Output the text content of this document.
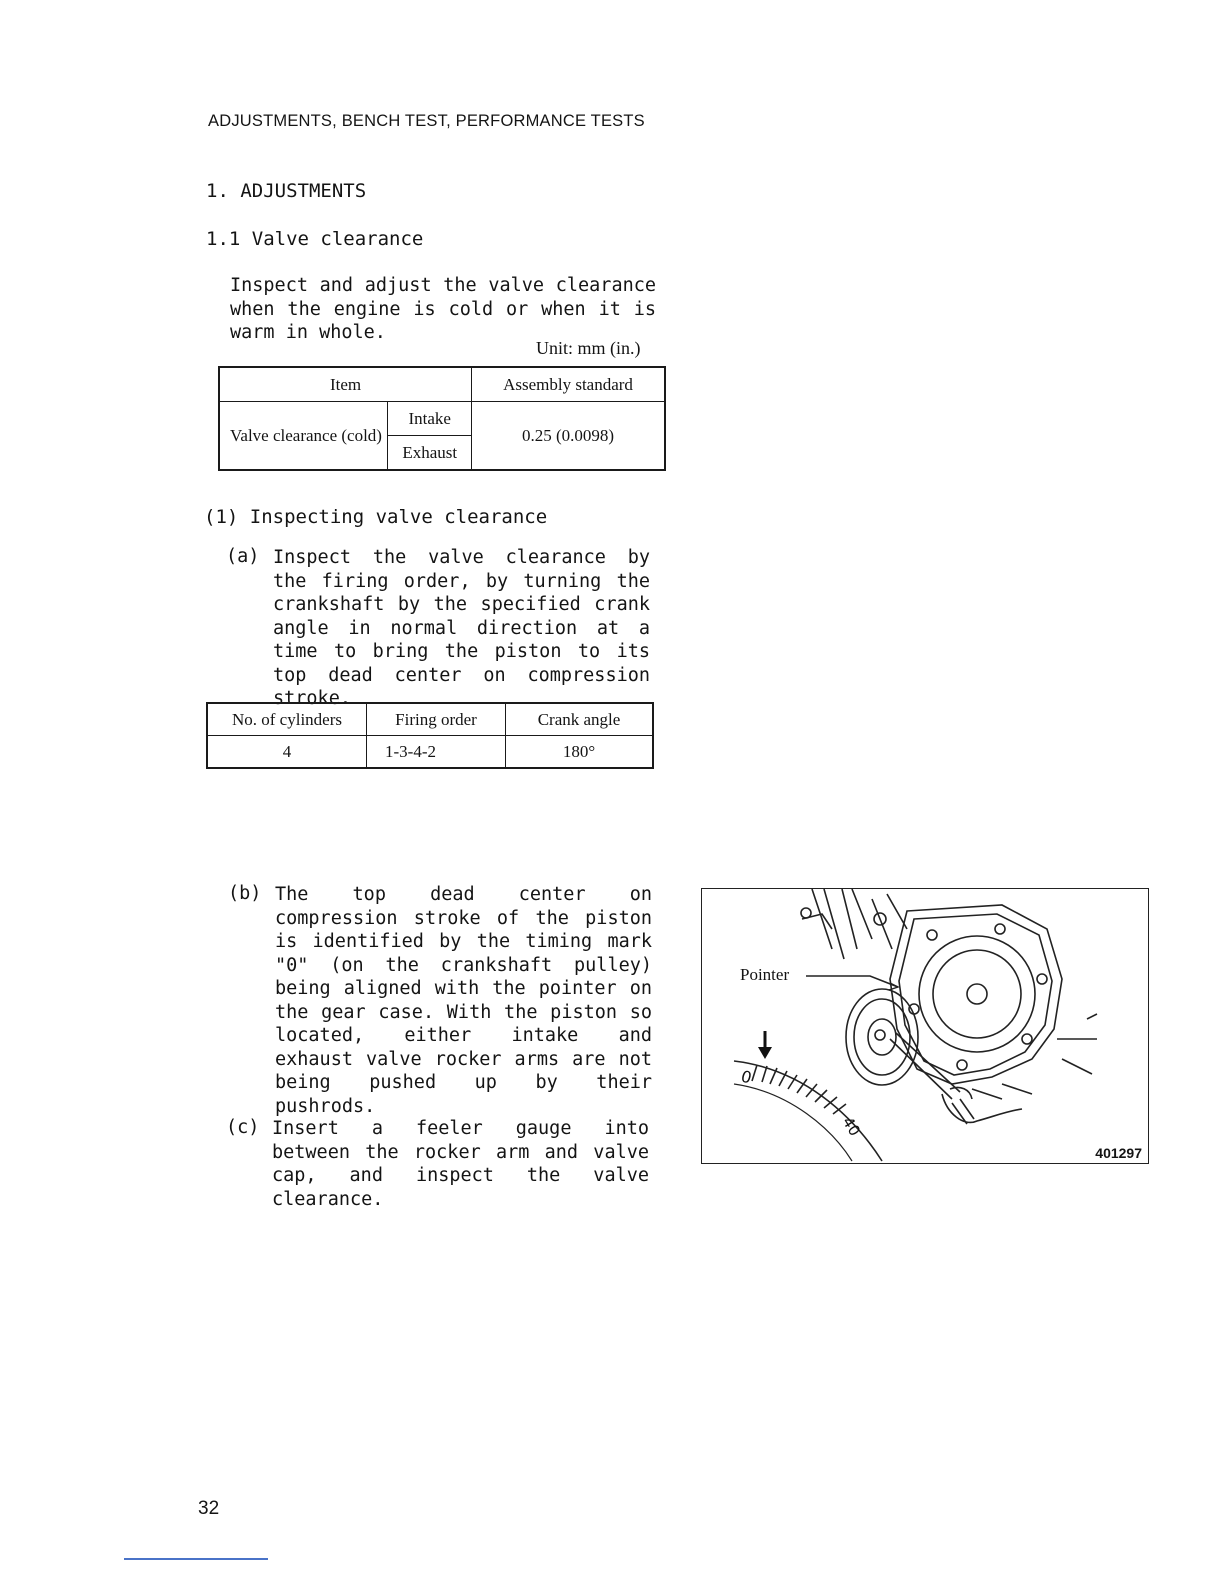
ADJUSTMENTS, BENCH TEST, PERFORMANCE TESTS
1. ADJUSTMENTS
1.1 Valve clearance
Inspect and adjust the valve clearance when the engine is cold or when it is warm in whole.
Unit: mm (in.)
Item		Assembly standard
Valve clearance (cold)	Intake	0.25 (0.0098)
	Exhaust	
(1) Inspecting valve clearance
(a) Inspect the valve clearance by the firing order, by turning the crankshaft by the specified crank angle in normal direction at a time to bring the piston to its top dead center on compression stroke.
No. of cylinders	Firing order	Crank angle
4	1-3-4-2	180°
(b) The top dead center on compression stroke of the piston is identified by the timing mark "0" (on the crankshaft pulley) being aligned with the pointer on the gear case. With the piston so located, either intake and exhaust valve rocker arms are not being pushed up by their pushrods.
(c) Insert a feeler gauge into between the rocker arm and valve cap, and inspect the valve clearance.
0
40
Pointer
401297
32
